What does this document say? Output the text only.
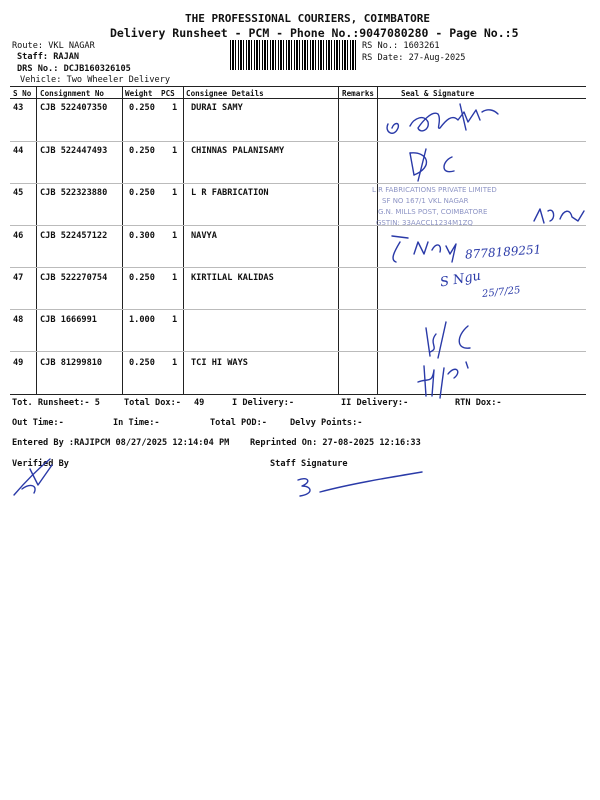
THE PROFESSIONAL COURIERS, COIMBATORE
Delivery Runsheet - PCM - Phone No.:9047080280 - Page No.:5
Route: VKL NAGAR
Staff: RAJAN
DRS No.: DCJB160326105
Vehicle: Two Wheeler Delivery
RS No.: 1603261
RS Date: 27-Aug-2025
S No Consignment No	Weight PCS Consignee Details	Remarks	Seal & Signature
43 CJB 522407350	0.250 1 DURAI SAMY
44 CJB 522447493	0.250 1 CHINNAS PALANISAMY
45 CJB 522323880	0.250 1 L R FABRICATION
46 CJB 522457122	0.300 1 NAVYA
47 CJB 522270754	0.250 1 KIRTILAL KALIDAS
48 CJB 1666991	1.000 1
49 CJB 81299810	0.250 1 TCI HI WAYS
L R FABRICATIONS PRIVATE LIMITED
SF NO 167/1 VKL NAGAR
G.N. MILLS POST, COIMBATORE
GSTIN: 33AACCL1234M1ZQ
8778189251
S Ngu
25/7/25
Tot. Runsheet:- 5	Total Dox:- 49	I Delivery:-	II Delivery:-	RTN Dox:-
Out Time:-	In Time:-	Total POD:-	Delvy Points:-
Entered By :RAJIPCM 08/27/2025 12:14:04 PM Reprinted On: 27-08-2025 12:16:33
Verified By	Staff Signature
